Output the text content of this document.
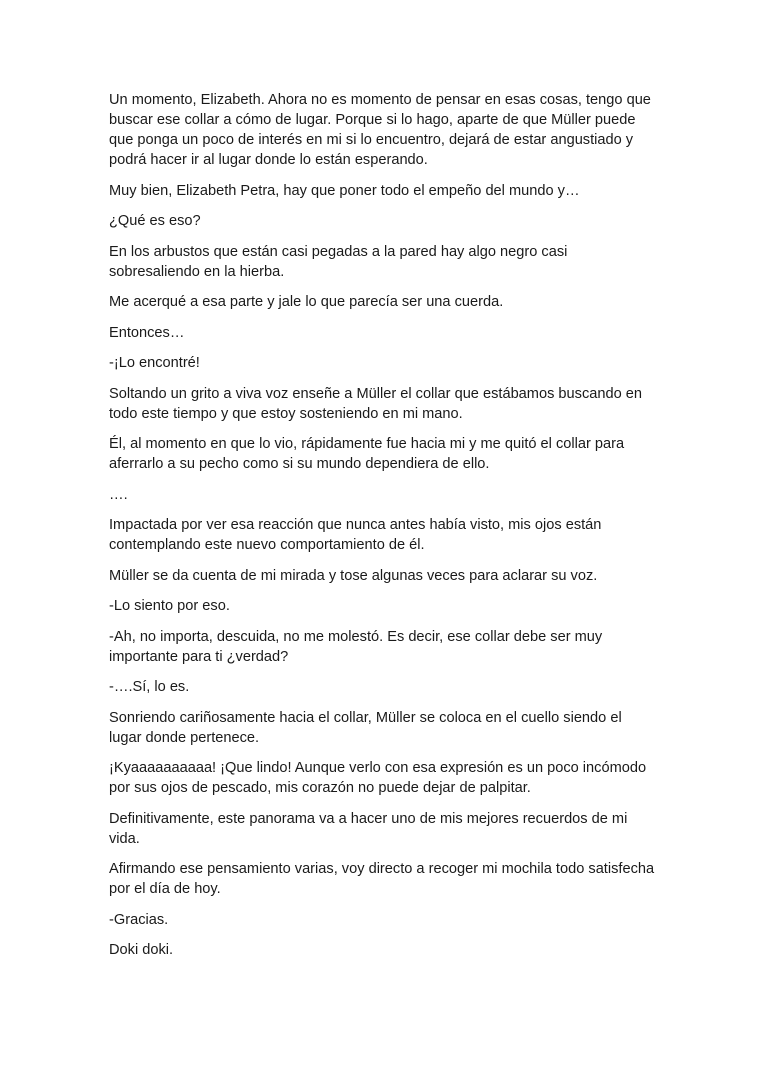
Un momento, Elizabeth. Ahora no es momento de pensar en esas cosas, tengo que buscar ese collar a cómo de lugar. Porque si lo hago, aparte de que Müller puede que ponga un poco de interés en mi si lo encuentro, dejará de estar angustiado y podrá hacer ir al lugar donde lo están esperando.

Muy bien, Elizabeth Petra, hay que poner todo el empeño del mundo y…

¿Qué es eso?

En los arbustos que están casi pegadas a la pared hay algo negro casi sobresaliendo en la hierba.

Me acerqué a esa parte y jale lo que parecía ser una cuerda.

Entonces…

-¡Lo encontré!

Soltando un grito a viva voz enseñe a Müller el collar que estábamos buscando en todo este tiempo y que estoy sosteniendo en mi mano.

Él, al momento en que lo vio, rápidamente fue hacia mi y me quitó el collar para aferrarlo a su pecho como si su mundo dependiera de ello.

….

Impactada por ver esa reacción que nunca antes había visto, mis ojos están contemplando este nuevo comportamiento de él.

Müller se da cuenta de mi mirada y tose algunas veces para aclarar su voz.

-Lo siento por eso.

-Ah, no importa, descuida, no me molestó. Es decir, ese collar debe ser muy importante para ti ¿verdad?

-….Sí, lo es.

Sonriendo cariñosamente hacia el collar, Müller se coloca en el cuello siendo el lugar donde pertenece.

¡Kyaaaaaaaaaa! ¡Que lindo! Aunque verlo con esa expresión es un poco incómodo por sus ojos de pescado, mis corazón no puede dejar de palpitar.

Definitivamente, este panorama va a hacer uno de mis mejores recuerdos de mi vida.

Afirmando ese pensamiento varias, voy directo a recoger mi mochila todo satisfecha por el día de hoy.

-Gracias.

Doki doki.
